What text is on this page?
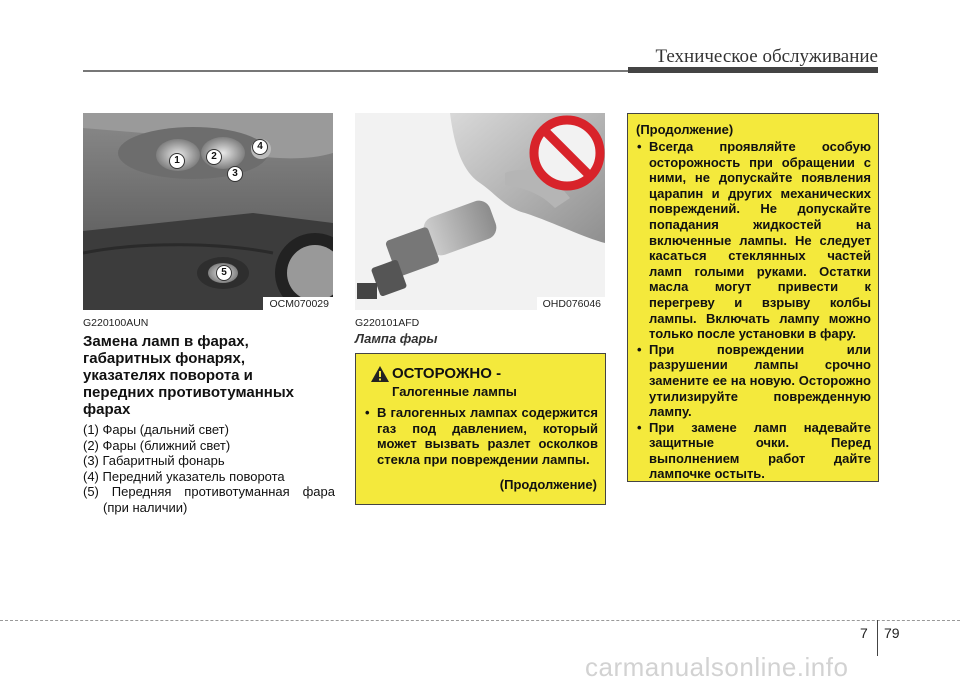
Техническое обслуживание
1	2
3
4
5
OCM070029
G220100AUN
Замена ламп в фарах, габаритных фонарях, указателях поворота и передних противотуманных фарах
(1) Фары (дальний свет)
(2) Фары (ближний свет)
(3) Габаритный фонарь
(4) Передний указатель поворота
(5) Передняя противотуманная фара (при наличии)
OHD076046
G220101AFD
Лампа фары
ОСТОРОЖНО -
Галогенные лампы
• В галогенных лампах содержится газ под давлением, который может вызвать разлет осколков стекла при повреждении лампы.
(Продолжение)
(Продолжение)
• Всегда проявляйте особую осторожность при обращении с ними, не допускайте появления царапин и других механических повреждений. Не допускайте попадания жидкостей на включенные лампы. Не следует касаться стеклянных частей ламп голыми руками. Остатки масла могут привести к перегреву и взрыву колбы лампы. Включать лампу можно только после установки в фару.
• При повреждении или разрушении лампы срочно замените ее на новую. Осторожно утилизируйте поврежденную лампу.
• При замене ламп надевайте защитные очки. Перед выполнением работ дайте лампочке остыть.
7 79
carmanualsonline.info
